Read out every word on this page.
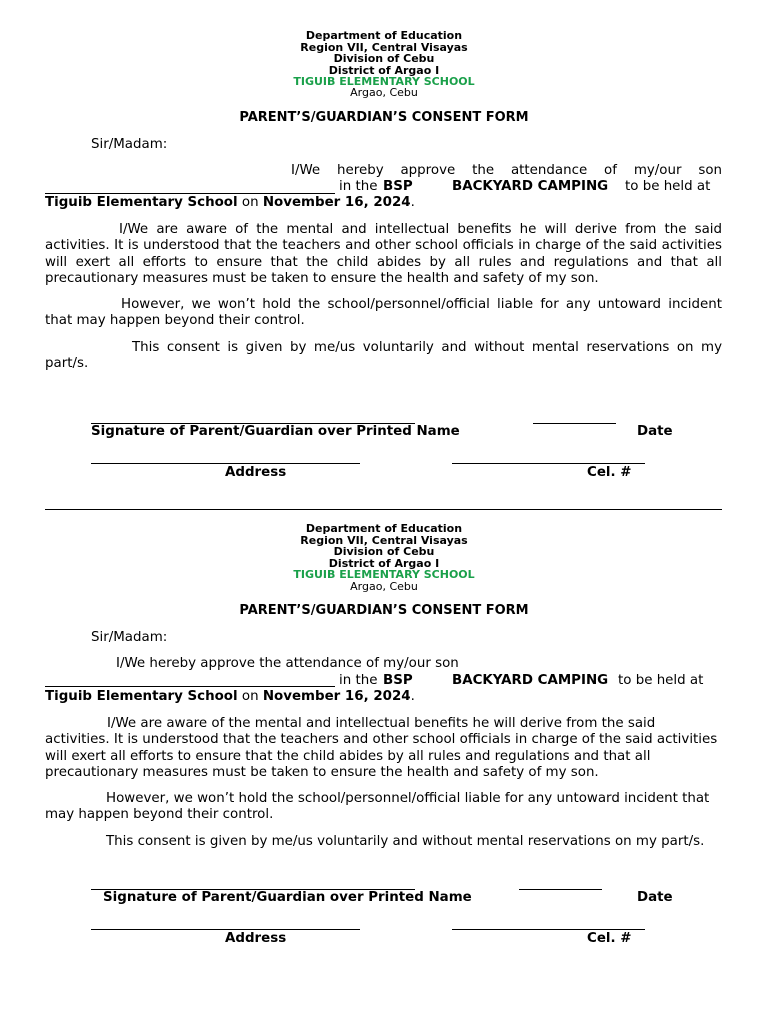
Department of Education
Region VII, Central Visayas
Division of Cebu
District of Argao I
TIGUIB ELEMENTARY SCHOOL
Argao, Cebu
PARENT’S/GUARDIAN’S CONSENT FORM
Sir/Madam:
I/We hereby approve the attendance of my/our son
in the BSP	BACKYARD CAMPING to be held at
Tiguib Elementary School on November 16, 2024.
I/We are aware of the mental and intellectual benefits he will derive from the said activities. It is understood that the teachers and other school officials in charge of the said activities will exert all efforts to ensure that the child abides by all rules and regulations and that all precautionary measures must be taken to ensure the health and safety of my son.
However, we won’t hold the school/personnel/official liable for any untoward incident that may happen beyond their control.
This consent is given by me/us voluntarily and without mental reservations on my part/s.
Signature of Parent/Guardian over Printed Name	Date
Address	Cel. #
Department of Education
Region VII, Central Visayas
Division of Cebu
District of Argao I
TIGUIB ELEMENTARY SCHOOL
Argao, Cebu
PARENT’S/GUARDIAN’S CONSENT FORM
Sir/Madam:
I/We hereby approve the attendance of my/our son
in the BSP	BACKYARD CAMPING to be held at
Tiguib Elementary School on November 16, 2024.
I/We are aware of the mental and intellectual benefits he will derive from the said activities. It is understood that the teachers and other school officials in charge of the said activities will exert all efforts to ensure that the child abides by all rules and regulations and that all precautionary measures must be taken to ensure the health and safety of my son.
However, we won’t hold the school/personnel/official liable for any untoward incident that may happen beyond their control.
This consent is given by me/us voluntarily and without mental reservations on my part/s.
Signature of Parent/Guardian over Printed Name	Date
Address	Cel. #
